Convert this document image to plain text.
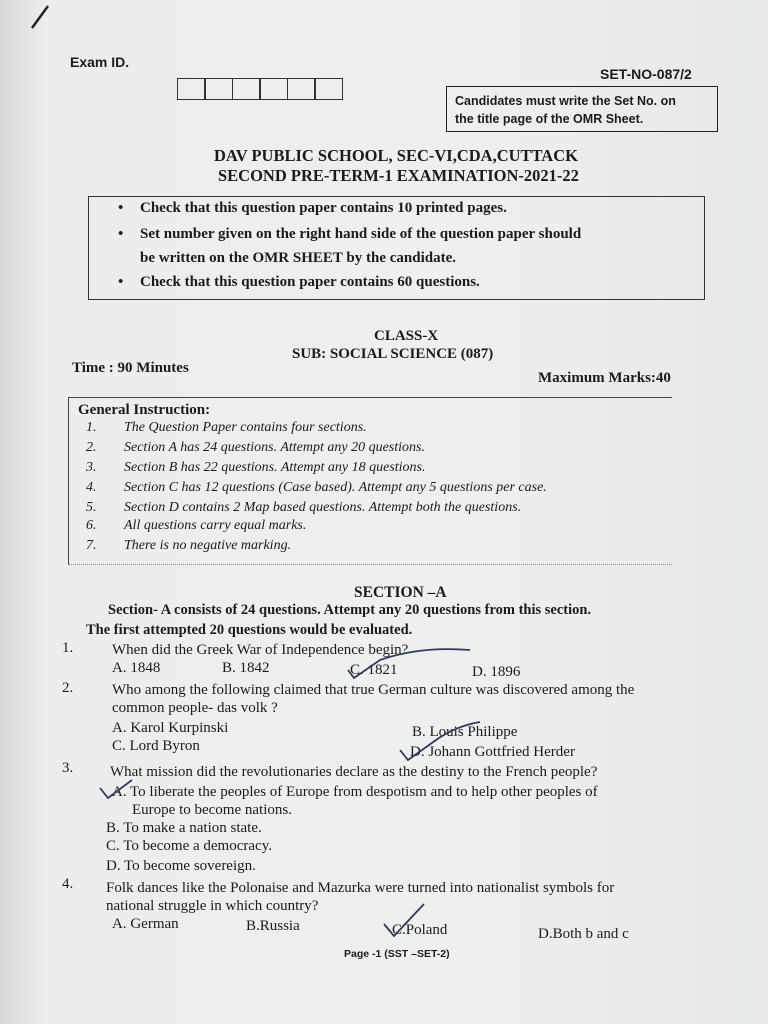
Exam ID.
SET-NO-087/2
Candidates must write the Set No. on
the title page of the OMR Sheet.
DAV PUBLIC SCHOOL, SEC-VI,CDA,CUTTACK
SECOND PRE-TERM-1 EXAMINATION-2021-22
• Check that this question paper contains 10 printed pages.
• Set number given on the right hand side of the question paper should
be written on the OMR SHEET by the candidate.
• Check that this question paper contains 60 questions.
CLASS-X
SUB: SOCIAL SCIENCE (087)
Time : 90 Minutes
Maximum Marks:40
General Instruction:
1. The Question Paper contains four sections.
2. Section A has 24 questions. Attempt any 20 questions.
3. Section B has 22 questions. Attempt any 18 questions.
4. Section C has 12 questions (Case based). Attempt any 5 questions per case.
5. Section D contains 2 Map based questions. Attempt both the questions.
6. All questions carry equal marks.
7. There is no negative marking.
SECTION –A
Section- A consists of 24 questions. Attempt any 20 questions from this section.
The first attempted 20 questions would be evaluated.
1.	When did the Greek War of Independence begin?
A. 1848	B. 1842	C. 1821	D. 1896
2.	Who among the following claimed that true German culture was discovered among the
common people- das volk ?
A. Karol Kurpinski	B. Louis Philippe
C. Lord Byron	D. Johann Gottfried Herder
3. What mission did the revolutionaries declare as the destiny to the French people?
A. To liberate the peoples of Europe from despotism and to help other peoples of
Europe to become nations.
B. To make a nation state.
C. To become a democracy.
D. To become sovereign.
4. Folk dances like the Polonaise and Mazurka were turned into nationalist symbols for
national struggle in which country?
A. German	B.Russia	C.Poland	D.Both b and c
Page -1 (SST –SET-2)
